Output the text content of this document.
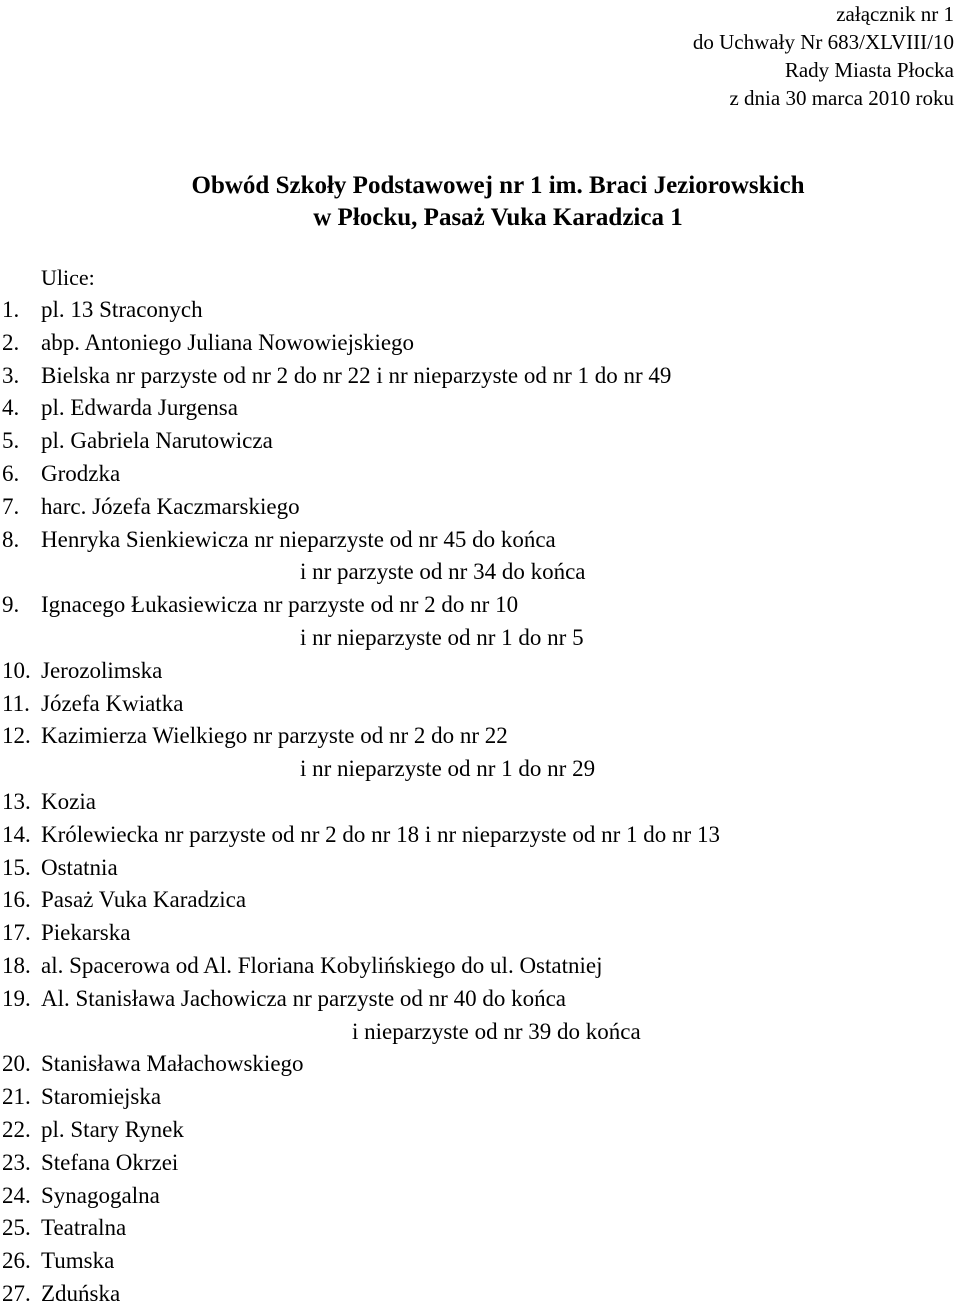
załącznik nr 1
do Uchwały Nr 683/XLVIII/10
Rady Miasta Płocka
z dnia 30 marca 2010 roku
Obwód Szkoły Podstawowej nr 1 im. Braci Jeziorowskich
w Płocku, Pasaż Vuka Karadzica 1
Ulice:
1. pl. 13 Straconych
2. abp. Antoniego Juliana Nowowiejskiego
3. Bielska nr parzyste od nr 2 do nr 22 i nr nieparzyste od nr 1 do nr 49
4. pl. Edwarda Jurgensa
5. pl. Gabriela Narutowicza
6. Grodzka
7. harc. Józefa Kaczmarskiego
8. Henryka Sienkiewicza nr nieparzyste od nr 45 do końca
i nr parzyste od nr 34 do końca
9. Ignacego Łukasiewicza nr parzyste od nr 2 do nr 10
i nr nieparzyste od nr 1 do nr 5
10. Jerozolimska
11. Józefa Kwiatka
12. Kazimierza Wielkiego nr parzyste od nr 2 do nr 22
i nr nieparzyste od nr 1 do nr 29
13. Kozia
14. Królewiecka nr parzyste od nr 2 do nr 18 i nr nieparzyste od nr 1 do nr 13
15. Ostatnia
16. Pasaż Vuka Karadzica
17. Piekarska
18. al. Spacerowa od Al. Floriana Kobylińskiego do ul. Ostatniej
19. Al. Stanisława Jachowicza nr parzyste od nr 40 do końca
i nieparzyste od nr 39 do końca
20. Stanisława Małachowskiego
21. Staromiejska
22. pl. Stary Rynek
23. Stefana Okrzei
24. Synagogalna
25. Teatralna
26. Tumska
27. Zduńska
